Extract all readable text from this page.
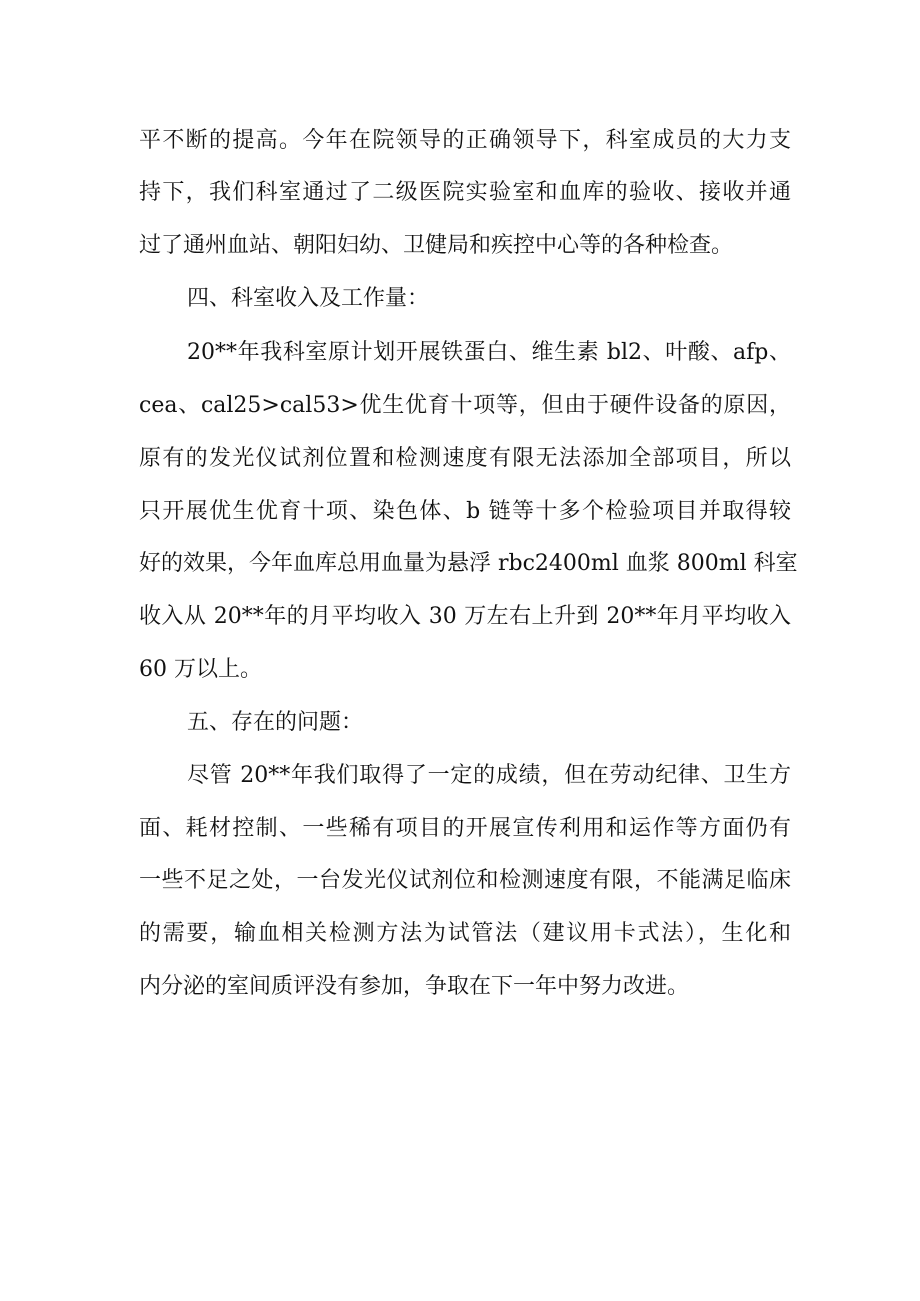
平不断的提高。今年在院领导的正确领导下，科室成员的大力支

持下，我们科室通过了二级医院实验室和血库的验收、接收并通

过了通州血站、朝阳妇幼、卫健局和疾控中心等的各种检查。

四、科室收入及工作量：

20**年我科室原计划开展铁蛋白、维生素 bl2、叶酸、afp、

cea、cal25>cal53>优生优育十项等，但由于硬件设备的原因，

原有的发光仪试剂位置和检测速度有限无法添加全部项目，所以

只开展优生优育十项、染色体、b 链等十多个检验项目并取得较

好的效果，今年血库总用血量为悬浮 rbc2400ml 血浆 800ml 科室

收入从 20**年的月平均收入 30 万左右上升到 20**年月平均收入

60 万以上。

五、存在的问题：

尽管 20**年我们取得了一定的成绩，但在劳动纪律、卫生方

面、耗材控制、一些稀有项目的开展宣传利用和运作等方面仍有

一些不足之处，一台发光仪试剂位和检测速度有限，不能满足临床

的需要，输血相关检测方法为试管法（建议用卡式法），生化和

内分泌的室间质评没有参加，争取在下一年中努力改进。
